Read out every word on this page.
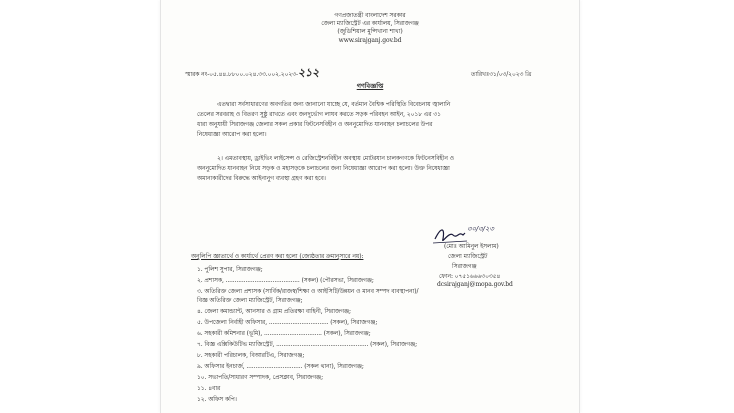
গণপ্রজাতন্ত্রী বাংলাদেশ সরকার
জেলা ম্যাজিস্ট্রেট এর কার্যালয়, সিরাজগঞ্জ
(জুডিশিয়াল মুন্সিখানা শাখা)
www.sirajganj.gov.bd
স্মারক নং-০৫.৪৪.৮৮০০.০২৪.৩৩.০০২.২০২৩-২১২	তারিখঃ৩১/০৩/২০২৩ খ্রি
গণবিজ্ঞপ্তি
এতদ্বারা সর্বসাধারণের অবগতির জন্য জানানো যাচ্ছে যে, বর্তমান বৈশ্বিক পরিস্থিতি বিবেচনায় জ্বালানি
তেলের সরবরাহ ও বিতরণ সুষ্ঠু রাখতে এবং জনদুর্ভোগ লাঘব করতে সড়ক পরিবহন আইন, ২০১৮ এর ৩১
ধারা অনুযায়ী সিরাজগঞ্জ জেলার সকল প্রকার ফিটনেসবিহীন ও অননুমোদিত যানবাহন চলাচলের উপর
নিষেধাজ্ঞা আরোপ করা হলো।
২। এমতাবস্থায়, ড্রাইভিং লাইসেন্স ও রেজিস্ট্রেশনবিহীন অবস্থায় মোটরযান চালকগণকে ফিটনেসবিহীন ও
অননুমোদিত যানবাহন নিয়ে সড়ক ও মহাসড়কে চলাচলের জন্য নিষেধাজ্ঞা আরোপ করা হলো। উক্ত নিষেধাজ্ঞা
অমান্যকারীদের বিরুদ্ধে আইনানুগ ব্যবস্থা গ্রহণ করা হবে।
৩০/৩/২৩
(মোঃ আমিনুল ইসলাম)
জেলা ম্যাজিস্ট্রেট
সিরাজগঞ্জ
ফোন: ০৭৫১৬৬৬৩০৩৫৪
dcsirajganj@mopa.gov.bd
অনুলিপি জ্ঞাতার্থে ও কার্যার্থে প্রেরণ করা হলো (জ্যেষ্ঠতার ক্রমানুসারে নয়):
১. পুলিশ সুপার, সিরাজগঞ্জ;
২. প্রশাসক, ......................................... (সকল) (পৌরসভা, সিরাজগঞ্জ;
৩. অতিরিক্ত জেলা প্রশাসক (সার্বিক/রাজস্ব/শিক্ষা ও আইসিটি/উন্নয়ন ও মানব সম্পদ ব্যবস্থাপনা)/
বিজ্ঞ অতিরিক্ত জেলা ম্যাজিস্ট্রেট, সিরাজগঞ্জ;
৪. জেলা কমান্ড্যান্ট, আনসার ও গ্রাম প্রতিরক্ষা বাহিনী, সিরাজগঞ্জ;
৫. উপজেলা নির্বাহী অফিসার, ................................. (সকল), সিরাজগঞ্জ;
৬. সহকারী কমিশনার (ভূমি), ................................ (সকল), সিরাজগঞ্জ;
৭. বিজ্ঞ এক্সিকিউটিভ ম্যাজিস্ট্রেট, ................................................... (সকল), সিরাজগঞ্জ;
৮. সহকারী পরিচালক, বিআরটিএ, সিরাজগঞ্জ;
৯. অফিসার ইনচার্জ, ............................... (সকল থানা), সিরাজগঞ্জ;
১০. সভাপতি/সাধারণ সম্পাদক, প্রেসক্লাব, সিরাজগঞ্জ;
১১. ৪বার
১২. অফিস কপি।
